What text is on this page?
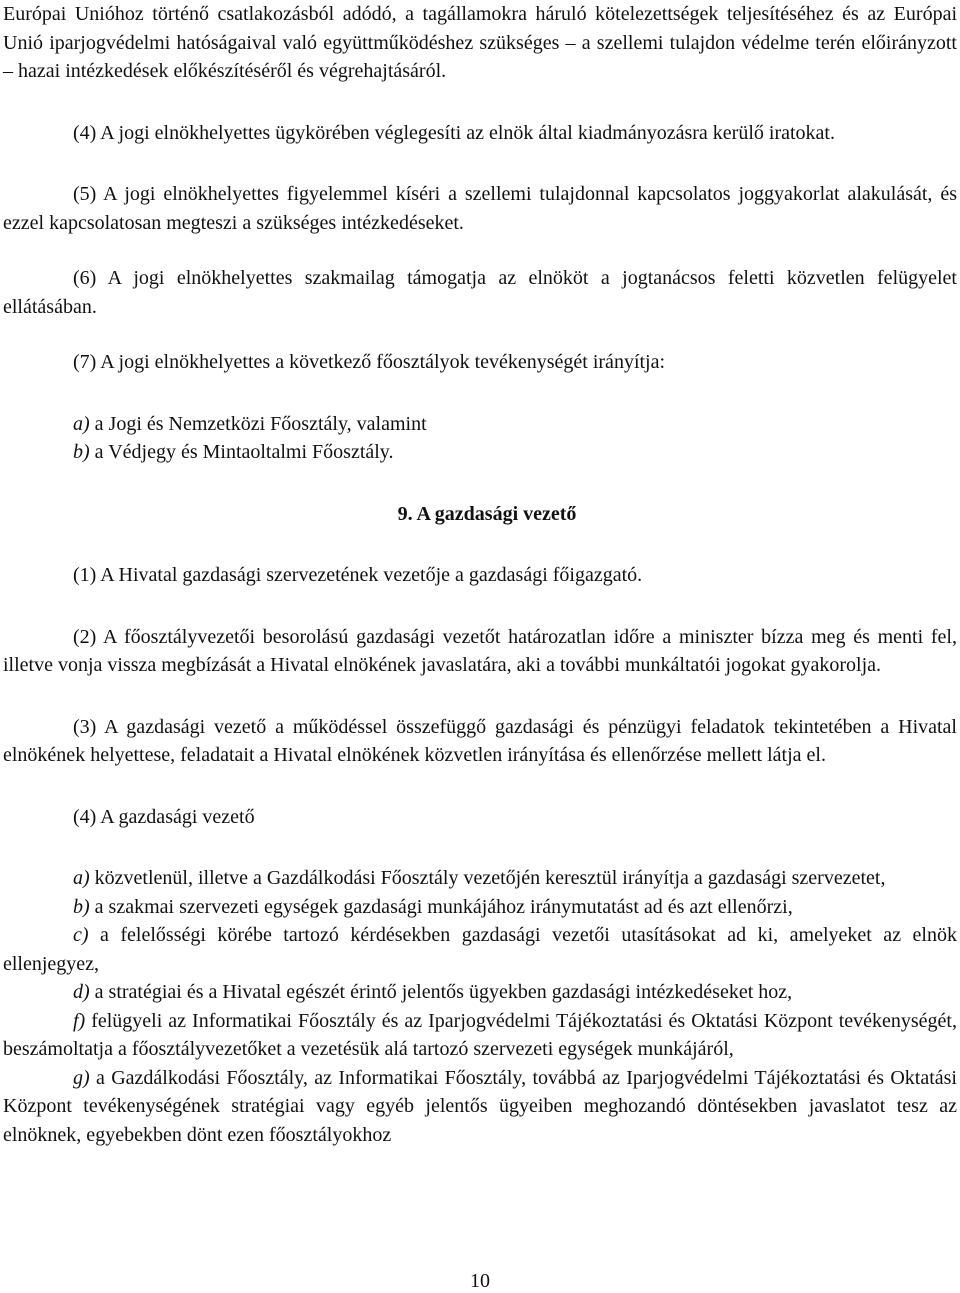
Európai Unióhoz történő csatlakozásból adódó, a tagállamokra háruló kötelezettségek teljesítéséhez és az Európai Unió iparjogvédelmi hatóságaival való együttműködéshez szükséges – a szellemi tulajdon védelme terén előirányzott – hazai intézkedések előkészítéséről és végrehajtásáról.

(4) A jogi elnökhelyettes ügykörében véglegesíti az elnök által kiadmányozásra kerülő iratokat.

(5) A jogi elnökhelyettes figyelemmel kíséri a szellemi tulajdonnal kapcsolatos joggyakorlat alakulását, és ezzel kapcsolatosan megteszi a szükséges intézkedéseket.

(6) A jogi elnökhelyettes szakmailag támogatja az elnököt a jogtanácsos feletti közvetlen felügyelet ellátásában.

(7) A jogi elnökhelyettes a következő főosztályok tevékenységét irányítja:

a) a Jogi és Nemzetközi Főosztály, valamint

b) a Védjegy és Mintaoltalmi Főosztály.

9. A gazdasági vezető

(1) A Hivatal gazdasági szervezetének vezetője a gazdasági főigazgató.

(2) A főosztályvezetői besorolású gazdasági vezetőt határozatlan időre a miniszter bízza meg és menti fel, illetve vonja vissza megbízását a Hivatal elnökének javaslatára, aki a további munkáltatói jogokat gyakorolja.

(3) A gazdasági vezető a működéssel összefüggő gazdasági és pénzügyi feladatok tekintetében a Hivatal elnökének helyettese, feladatait a Hivatal elnökének közvetlen irányítása és ellenőrzése mellett látja el.

(4) A gazdasági vezető

a) közvetlenül, illetve a Gazdálkodási Főosztály vezetőjén keresztül irányítja a gazdasági szervezetet,

b) a szakmai szervezeti egységek gazdasági munkájához iránymutatást ad és azt ellenőrzi,

c) a felelősségi körébe tartozó kérdésekben gazdasági vezetői utasításokat ad ki, amelyeket az elnök ellenjegyez,

d) a stratégiai és a Hivatal egészét érintő jelentős ügyekben gazdasági intézkedéseket hoz,

f) felügyeli az Informatikai Főosztály és az Iparjogvédelmi Tájékoztatási és Oktatási Központ tevékenységét, beszámoltatja a főosztályvezetőket a vezetésük alá tartozó szervezeti egységek munkájáról,

g) a Gazdálkodási Főosztály, az Informatikai Főosztály, továbbá az Iparjogvédelmi Tájékoztatási és Oktatási Központ tevékenységének stratégiai vagy egyéb jelentős ügyeiben meghozandó döntésekben javaslatot tesz az elnöknek, egyebekben dönt ezen főosztályokhoz

10
